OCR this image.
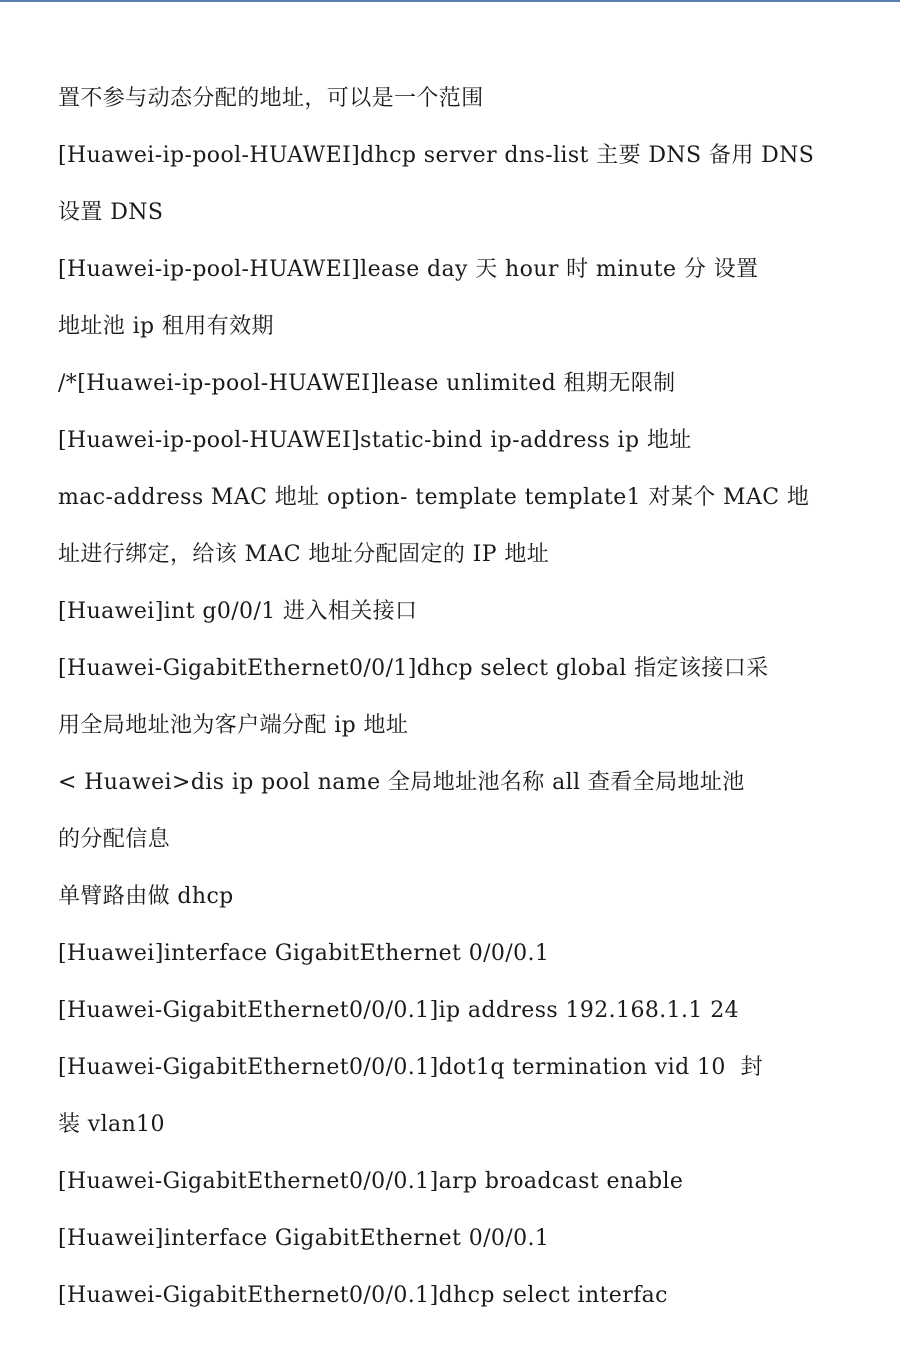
置不参与动态分配的地址，可以是一个范围
[Huawei-ip-pool-HUAWEI]dhcp server dns-list 主要 DNS 备用 DNS
设置 DNS
[Huawei-ip-pool-HUAWEI]lease day 天 hour 时 minute 分 设置
地址池 ip 租用有效期
/*[Huawei-ip-pool-HUAWEI]lease unlimited 租期无限制
[Huawei-ip-pool-HUAWEI]static-bind ip-address ip 地址
mac-address MAC 地址 option- template template1 对某个 MAC 地
址进行绑定，给该 MAC 地址分配固定的 IP 地址
[Huawei]int g0/0/1 进入相关接口
[Huawei-GigabitEthernet0/0/1]dhcp select global 指定该接口采
用全局地址池为客户端分配 ip 地址
< Huawei>dis ip pool name 全局地址池名称 all 查看全局地址池
的分配信息
单臂路由做 dhcp
[Huawei]interface GigabitEthernet 0/0/0.1
[Huawei-GigabitEthernet0/0/0.1]ip address 192.168.1.1 24
[Huawei-GigabitEthernet0/0/0.1]dot1q termination vid 10  封
装 vlan10
[Huawei-GigabitEthernet0/0/0.1]arp broadcast enable
[Huawei]interface GigabitEthernet 0/0/0.1
[Huawei-GigabitEthernet0/0/0.1]dhcp select interfac
